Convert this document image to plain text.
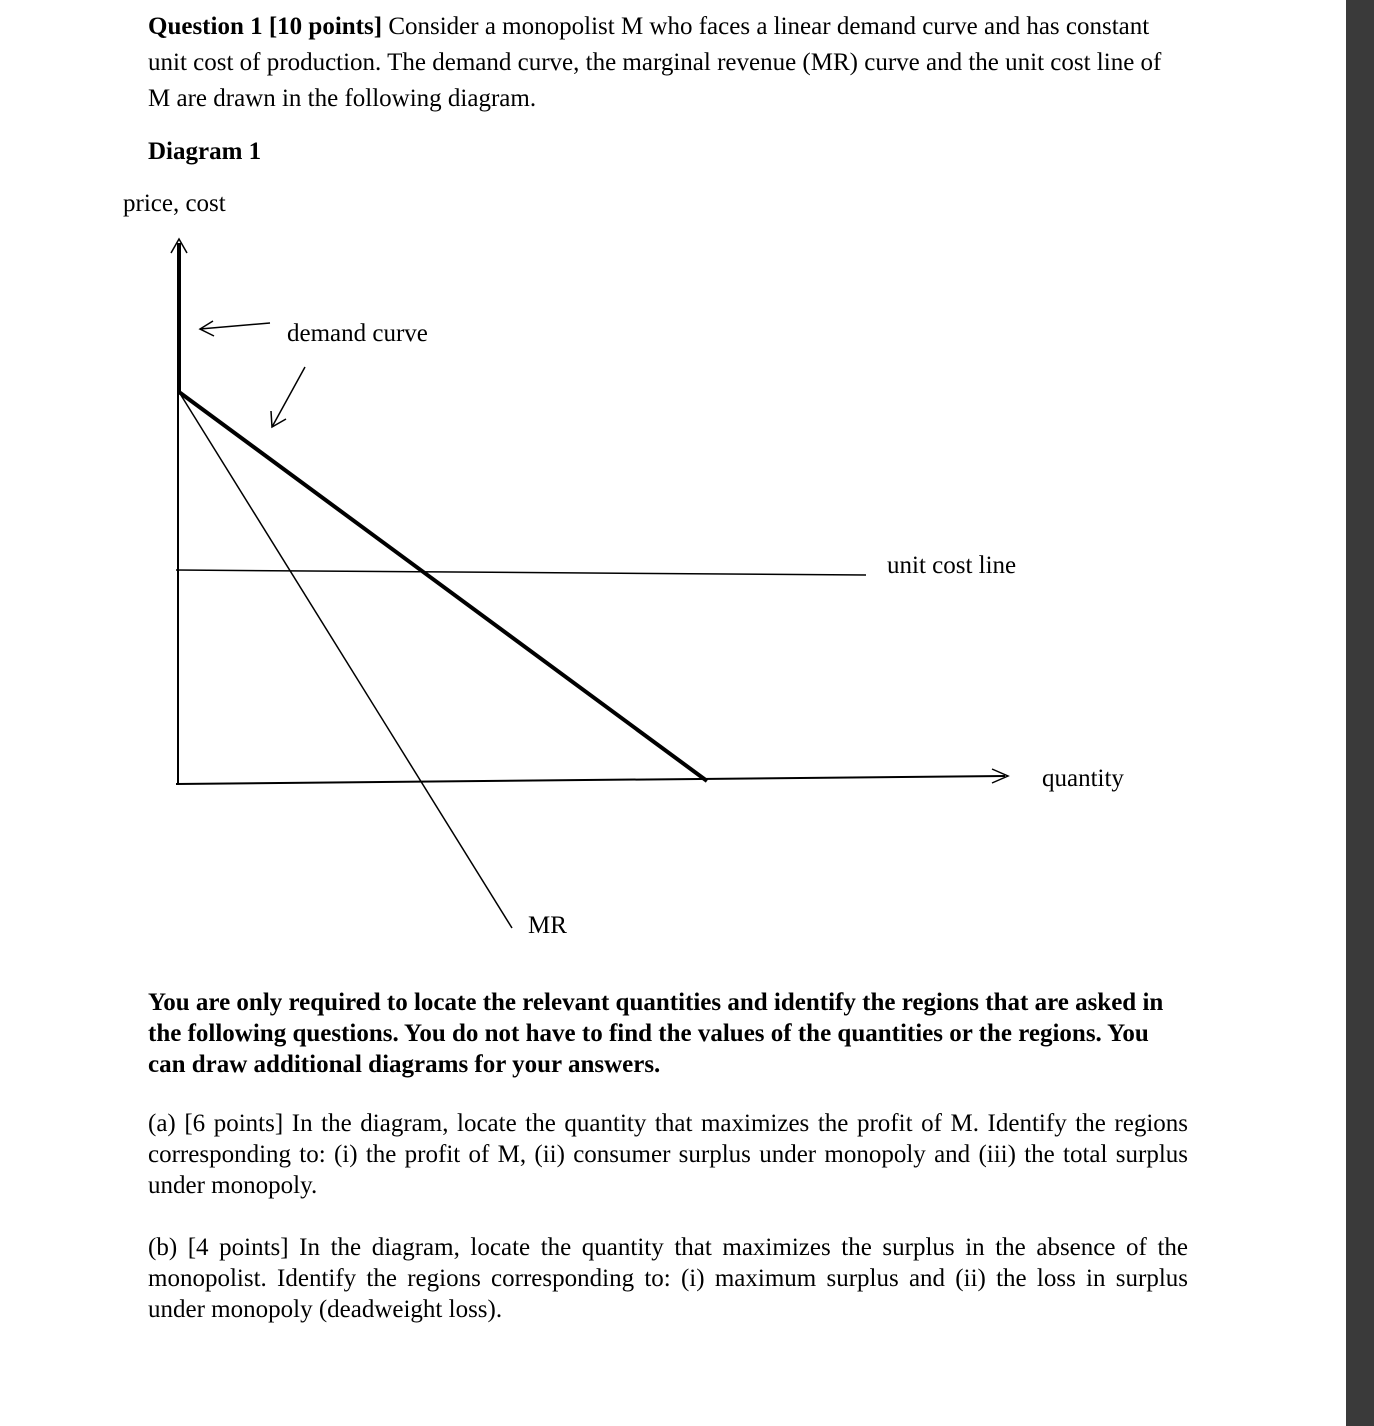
Question 1 [10 points] Consider a monopolist M who faces a linear demand curve and has constant unit cost of production. The demand curve, the marginal revenue (MR) curve and the unit cost line of M are drawn in the following diagram.
Diagram 1
price, cost
demand curve
unit cost line
quantity
MR
You are only required to locate the relevant quantities and identify the regions that are asked in the following questions. You do not have to find the values of the quantities or the regions. You can draw additional diagrams for your answers.
(a) [6 points] In the diagram, locate the quantity that maximizes the profit of M. Identify the regions corresponding to: (i) the profit of M, (ii) consumer surplus under monopoly and (iii) the total surplus under monopoly.
(b) [4 points] In the diagram, locate the quantity that maximizes the surplus in the absence of the monopolist. Identify the regions corresponding to: (i) maximum surplus and (ii) the loss in surplus under monopoly (deadweight loss).
